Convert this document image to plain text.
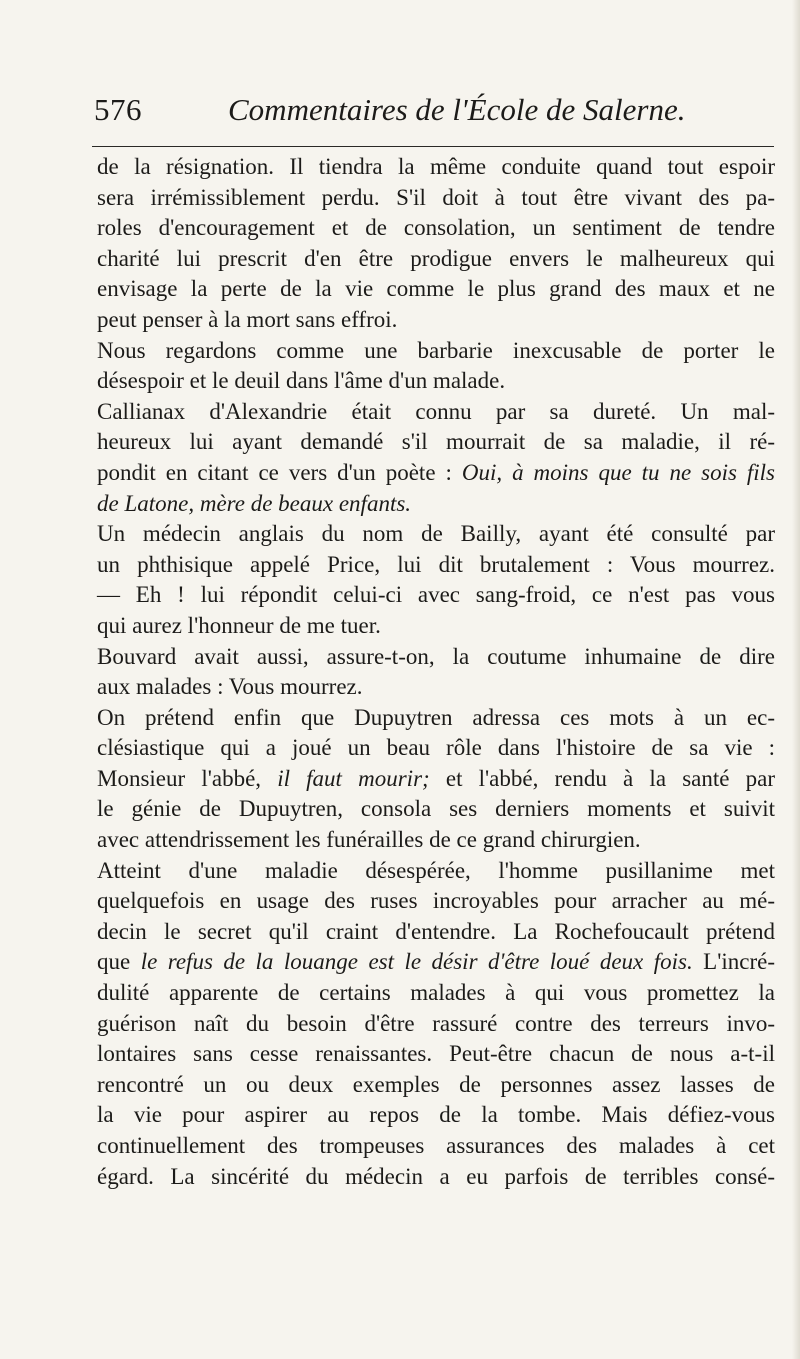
576	Commentaires de l'École de Salerne.
de la résignation. Il tiendra la même conduite quand tout espoir
sera irrémissiblement perdu. S'il doit à tout être vivant des pa-
roles d'encouragement et de consolation, un sentiment de tendre
charité lui prescrit d'en être prodigue envers le malheureux qui
envisage la perte de la vie comme le plus grand des maux et ne
peut penser à la mort sans effroi.
Nous regardons comme une barbarie inexcusable de porter le
désespoir et le deuil dans l'âme d'un malade.
Callianax d'Alexandrie était connu par sa dureté. Un mal-
heureux lui ayant demandé s'il mourrait de sa maladie, il ré-
pondit en citant ce vers d'un poète : Oui, à moins que tu ne sois fils
de Latone, mère de beaux enfants.
Un médecin anglais du nom de Bailly, ayant été consulté par
un phthisique appelé Price, lui dit brutalement : Vous mourrez.
— Eh ! lui répondit celui-ci avec sang-froid, ce n'est pas vous
qui aurez l'honneur de me tuer.
Bouvard avait aussi, assure-t-on, la coutume inhumaine de dire
aux malades : Vous mourrez.
On prétend enfin que Dupuytren adressa ces mots à un ec-
clésiastique qui a joué un beau rôle dans l'histoire de sa vie :
Monsieur l'abbé, il faut mourir; et l'abbé, rendu à la santé par
le génie de Dupuytren, consola ses derniers moments et suivit
avec attendrissement les funérailles de ce grand chirurgien.
Atteint d'une maladie désespérée, l'homme pusillanime met
quelquefois en usage des ruses incroyables pour arracher au mé-
decin le secret qu'il craint d'entendre. La Rochefoucault prétend
que le refus de la louange est le désir d'être loué deux fois. L'incré-
dulité apparente de certains malades à qui vous promettez la
guérison naît du besoin d'être rassuré contre des terreurs invo-
lontaires sans cesse renaissantes. Peut-être chacun de nous a-t-il
rencontré un ou deux exemples de personnes assez lasses de
la vie pour aspirer au repos de la tombe. Mais défiez-vous
continuellement des trompeuses assurances des malades à cet
égard. La sincérité du médecin a eu parfois de terribles consé-
